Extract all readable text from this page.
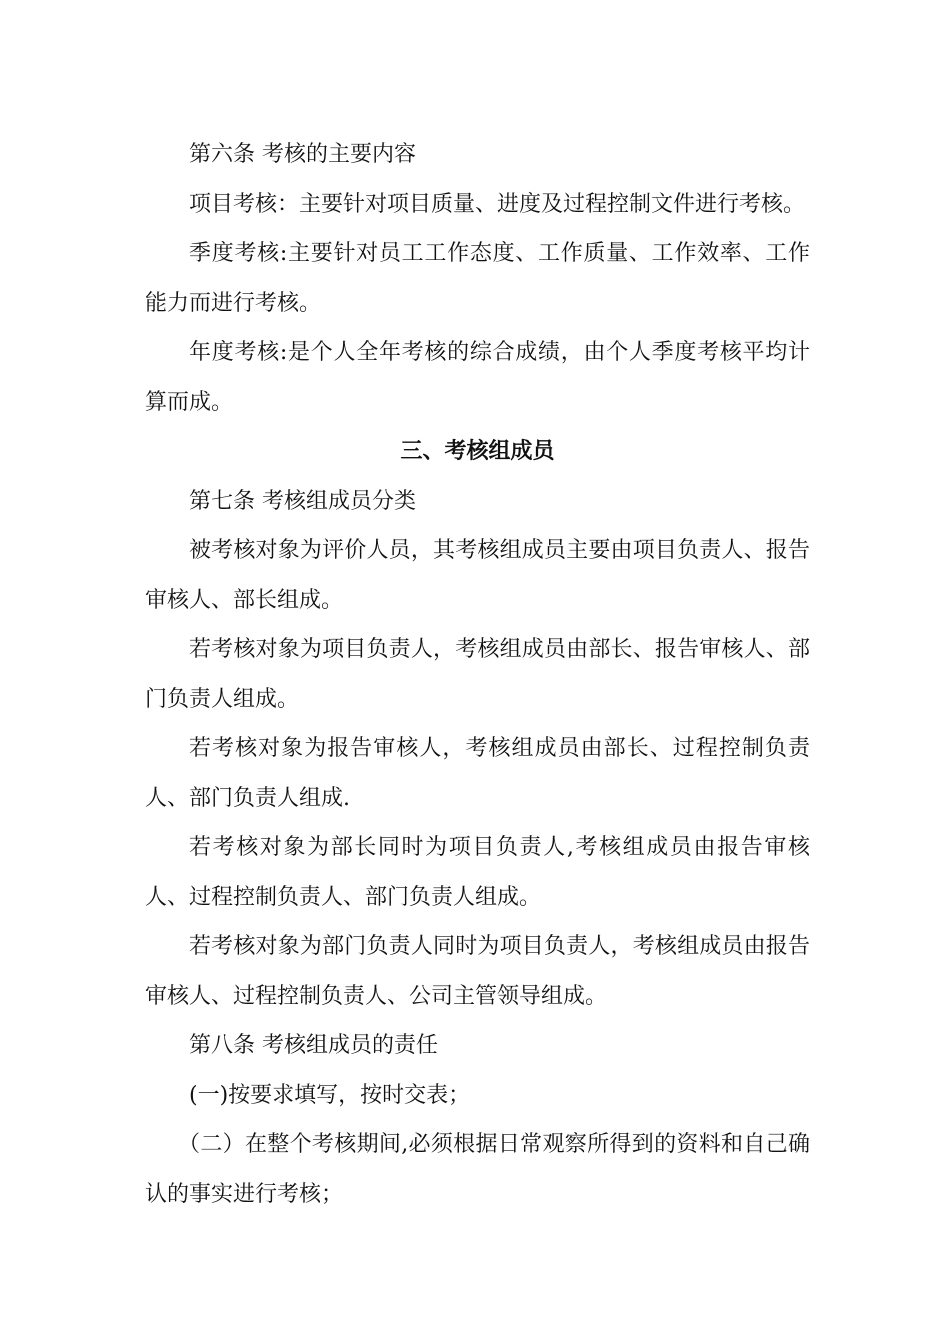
第六条 考核的主要内容

项目考核：主要针对项目质量、进度及过程控制文件进行考核。

季度考核:主要针对员工工作态度、工作质量、工作效率、工作能力而进行考核。

年度考核:是个人全年考核的综合成绩，由个人季度考核平均计算而成。

三、考核组成员

第七条 考核组成员分类

被考核对象为评价人员，其考核组成员主要由项目负责人、报告审核人、部长组成。

若考核对象为项目负责人，考核组成员由部长、报告审核人、部门负责人组成。

若考核对象为报告审核人，考核组成员由部长、过程控制负责人、部门负责人组成.

若考核对象为部长同时为项目负责人,考核组成员由报告审核人、过程控制负责人、部门负责人组成。

若考核对象为部门负责人同时为项目负责人，考核组成员由报告审核人、过程控制负责人、公司主管领导组成。

第八条 考核组成员的责任

(一)按要求填写，按时交表；

（二）在整个考核期间,必须根据日常观察所得到的资料和自己确认的事实进行考核；
